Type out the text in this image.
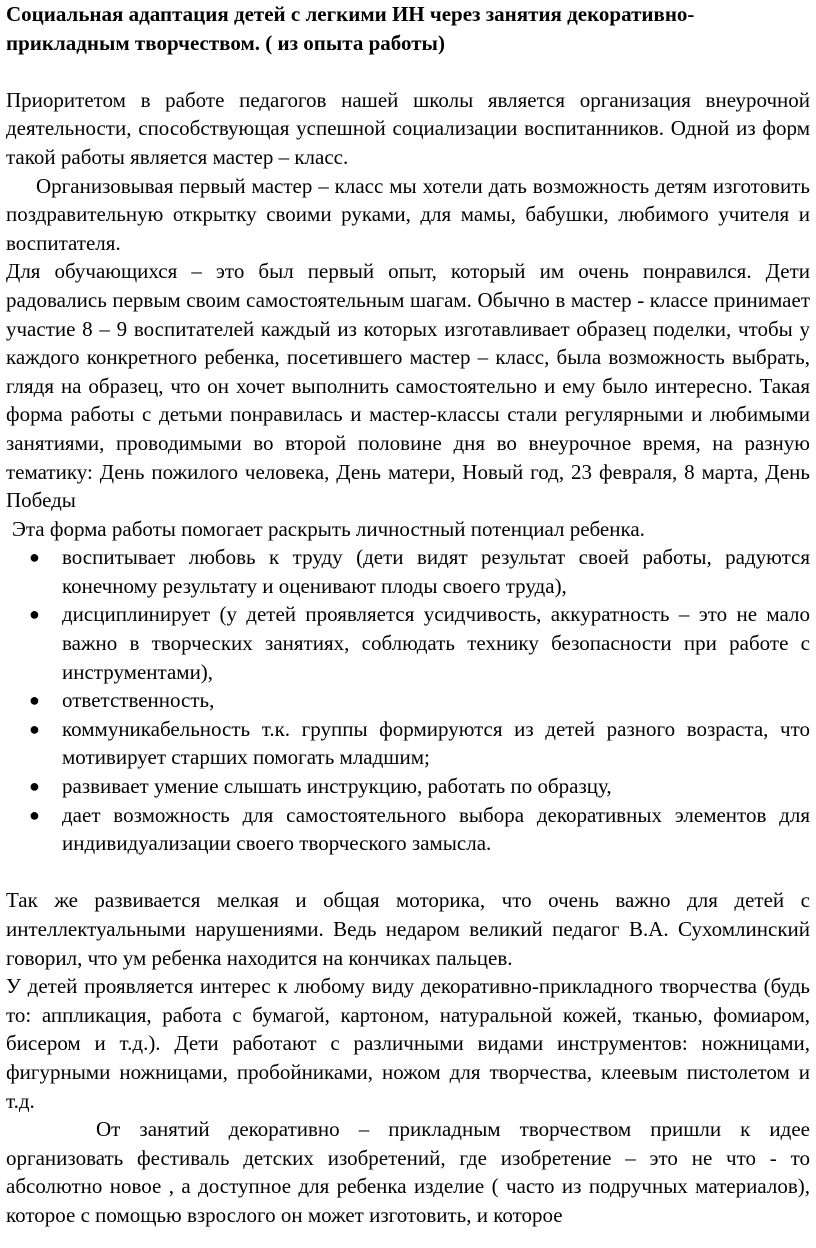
Социальная адаптация детей с легкими ИН через занятия декоративно-прикладным творчеством. ( из опыта работы)

Приоритетом в работе педагогов нашей школы является организация внеурочной деятельности, способствующая успешной социализации воспитанников. Одной из форм такой работы является мастер – класс.

Организовывая первый мастер – класс мы хотели дать возможность детям изготовить поздравительную открытку своими руками, для мамы, бабушки, любимого учителя и воспитателя.

Для обучающихся – это был первый опыт, который им очень понравился. Дети радовались первым своим самостоятельным шагам. Обычно в мастер - классе принимает участие 8 – 9 воспитателей каждый из которых изготавливает образец поделки, чтобы у каждого конкретного ребенка, посетившего мастер – класс, была возможность выбрать, глядя на образец, что он хочет выполнить самостоятельно и ему было интересно. Такая форма работы с детьми понравилась и мастер-классы стали регулярными и любимыми занятиями, проводимыми во второй половине дня во внеурочное время, на разную тематику: День пожилого человека, День матери, Новый год, 23 февраля, 8 марта, День Победы

Эта форма работы помогает раскрыть личностный потенциал ребенка.

● воспитывает любовь к труду (дети видят результат своей работы, радуются конечному результату и оценивают плоды своего труда),
● дисциплинирует (у детей проявляется усидчивость, аккуратность – это не мало важно в творческих занятиях, соблюдать технику безопасности при работе с инструментами),
● ответственность,
● коммуникабельность т.к. группы формируются из детей разного возраста, что мотивирует старших помогать младшим;
● развивает умение слышать инструкцию, работать по образцу,
● дает возможность для самостоятельного выбора декоративных элементов для индивидуализации своего творческого замысла.

Так же развивается мелкая и общая моторика, что очень важно для детей с интеллектуальными нарушениями. Ведь недаром великий педагог В.А. Сухомлинский говорил, что ум ребенка находится на кончиках пальцев.

У детей проявляется интерес к любому виду декоративно-прикладного творчества (будь то: аппликация, работа с бумагой, картоном, натуральной кожей, тканью, фомиаром, бисером и т.д.). Дети работают с различными видами инструментов: ножницами, фигурными ножницами, пробойниками, ножом для творчества, клеевым пистолетом и т.д.

От занятий декоративно – прикладным творчеством пришли к идее организовать фестиваль детских изобретений, где изобретение – это не что - то абсолютно новое , а доступное для ребенка изделие ( часто из подручных материалов), которое с помощью взрослого он может изготовить, и которое
